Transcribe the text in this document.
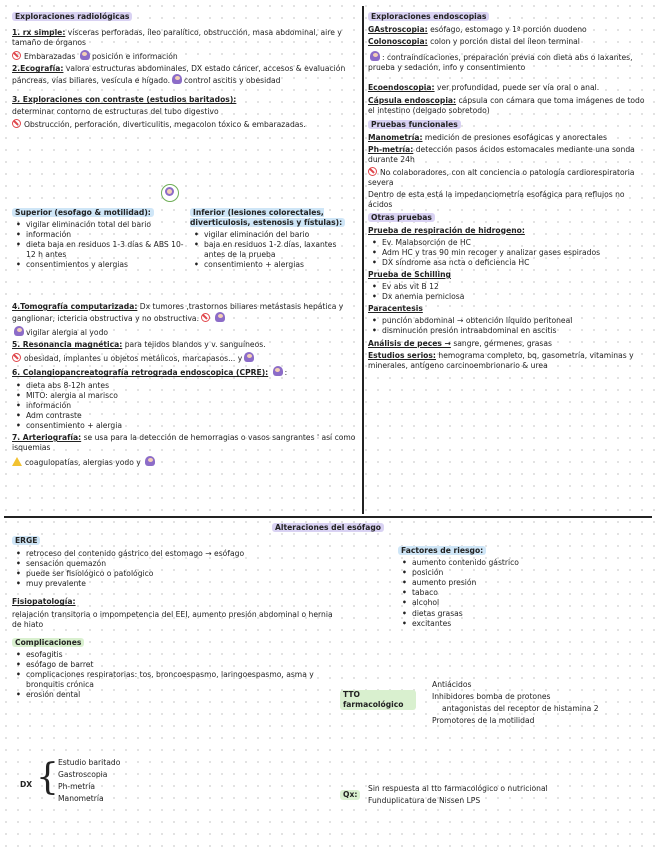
Exploraciones radiológicas

1. rx simple: vísceras perforadas, íleo paralítico, obstrucción, masa abdominal, aire y tamaño de órganos

Embarazadas posición e información

2.Ecografía: valora estructuras abdominales, DX estado cáncer, accesos & evaluación páncreas, vías biliares, vesícula e hígado. control ascitis y obesidad

3. Exploraciones con contraste (estudios baritados):

determinar contorno de estructuras del tubo digestivo

Obstrucción, perforación, diverticulitis, megacolon tóxico & embarazadas.

Superior (esofago & motilidad):

• vigilar eliminación total del bario
• información
• dieta baja en residuos 1-3 días & ABS 10-12 h antes
• consentimientos y alergias

Inferior (lesiones colorectales, diverticulosis, estenosis y fístulas):

• vigilar eliminación del bario
• baja en residuos 1-2 días, laxantes antes de la prueba
• consentimiento + alergias

4.Tomografía computarizada: Dx tumores ,trastornos biliares metástasis hepática y ganglionar, ictericia obstructiva y no obstructiva.

vigilar alergia al yodo

5. Resonancia magnética: para tejidos blandos y v. sanguíneos.

obesidad, implantes u objetos metálicos, marcapasos... y

6. Colangiopancreatografía retrograda endoscopica (CPRE): :

• dieta abs 8-12h antes
• MITO: alergia al marisco
• información
• Adm contraste
• consentimiento + alergia

7. Arteriografía: se usa para la detección de hemorragias o vasos sangrantes ' así como isquemias

coagulopatías, alergias yodo y

Exploraciones endoscopias

GAstroscopia: esófago, estomago y 1ª porción duodeno

Colonoscopia: colon y porción distal del íleon terminal

: contraindicaciones, preparación previa con dieta abs o laxantes, prueba y sedación, info y consentimiento

Ecoendoscopia: ver profundidad, puede ser vía oral o anal.

Cápsula endoscopia: cápsula con cámara que toma imágenes de todo el intestino (delgado sobretodo)

Pruebas funcionales

Manometría: medición de presiones esofágicas y anorectales

Ph-metría: detección pasos ácidos estomacales mediante una sonda durante 24h

No colaboradores, con alt conciencia o patología cardiorespiratoria severa

Dentro de esta está la impedanciometría esofágica para reflujos no ácidos

Otras pruebas

Prueba de respiración de hidrogeno:

• Ev. Malabsorción de HC
• Adm HC y tras 90 min recoger y analizar gases espirados
• DX síndrome asa ncta o deficiencia HC

Prueba de Schilling

• Ev abs vit B 12
• Dx anemia perniciosa

Paracentesis

• punción abdominal → obtención líquido peritoneal
• disminución presión intraabdominal en ascitis

Análisis de peces → sangre, gérmenes, grasas

Estudios serios: hemograma completo, bq, gasometría, vitaminas y minerales, antígeno carcinoembrionario & urea

Alteraciones del esófago

ERGE

• retroceso del contenido gástrico del estomago → esófago
• sensación quemazón
• puede ser fisiológico o patológico
• muy prevalente

Fisiopatología:

relajación transitoria o impompetencia del EEI, aumento presión abdominal o hernia de hiato

Complicaciones

• esofagitis
• esófago de barret
• complicaciones respiratorias: tos, broncoespasmo, laringoespasmo, asma y bronquitis crónica
• erosión dental
DX { Estudio baritado

Gastroscopia

Ph-metría

Manometría

Factores de riesgo:

• aumento contenido gástrico
• posición
• aumento presión
• tabaco
• alcohol
• dietas grasas
• excitantes
TTO farmacológico

Antiácidos

Inhibidores bomba de protones

antagonistas del receptor de histamina 2

Promotores de la motilidad

Qx:

Sin respuesta al tto farmacológico o nutricional

Funduplicatura de Nissen LPS
